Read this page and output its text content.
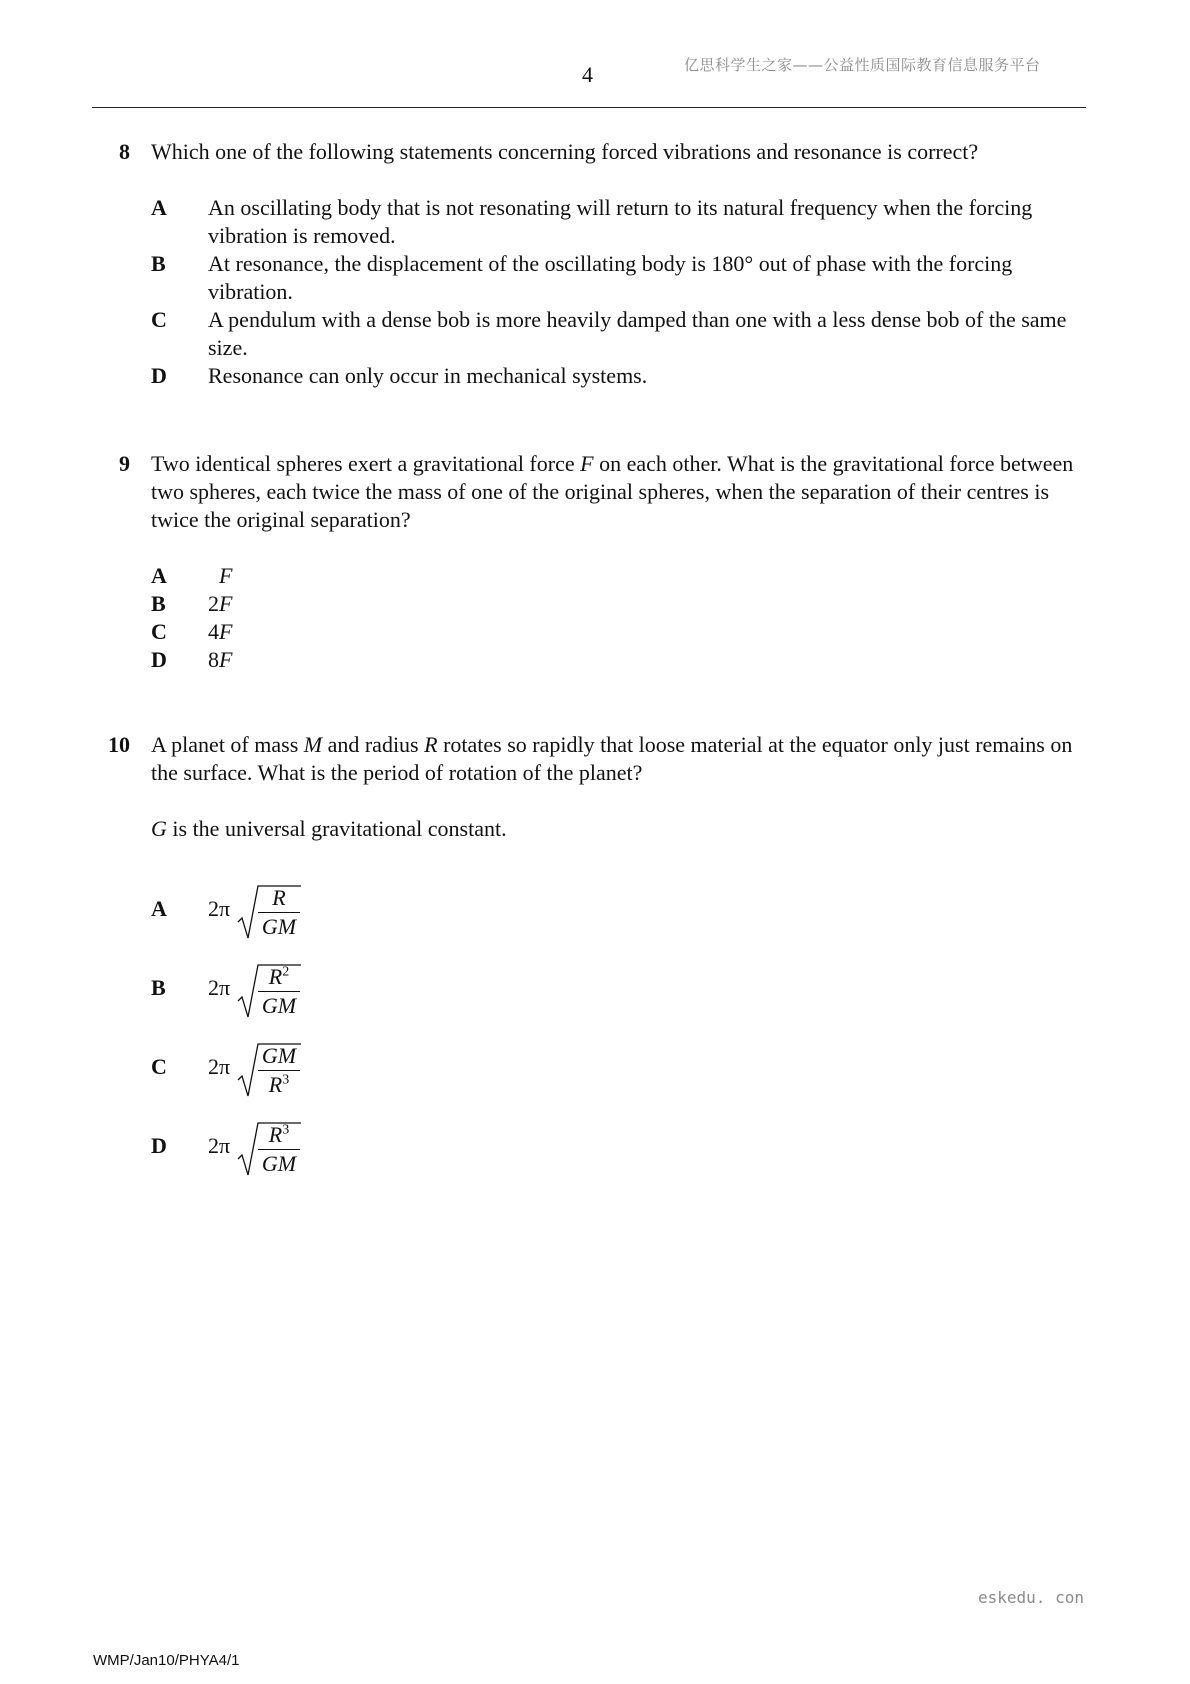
4	亿思科学生之家——公益性质国际教育信息服务平台
8 Which one of the following statements concerning forced vibrations and resonance is correct?
A An oscillating body that is not resonating will return to its natural frequency when the forcing vibration is removed.
B At resonance, the displacement of the oscillating body is 180° out of phase with the forcing vibration.
C A pendulum with a dense bob is more heavily damped than one with a less dense bob of the same size.
D Resonance can only occur in mechanical systems.
9 Two identical spheres exert a gravitational force F on each other. What is the gravitational force between two spheres, each twice the mass of one of the original spheres, when the separation of their centres is twice the original separation?
A F
B 2F
C 4F
D 8F
10 A planet of mass M and radius R rotates so rapidly that loose material at the equator only just remains on the surface. What is the period of rotation of the planet?
G is the universal gravitational constant.
A 2π	R
GM
B 2π	$R^2$
GM
C 2π GM
$R^3$
D 2π	$R^3$
GM
eskedu. con
WMP/Jan10/PHYA4/1
